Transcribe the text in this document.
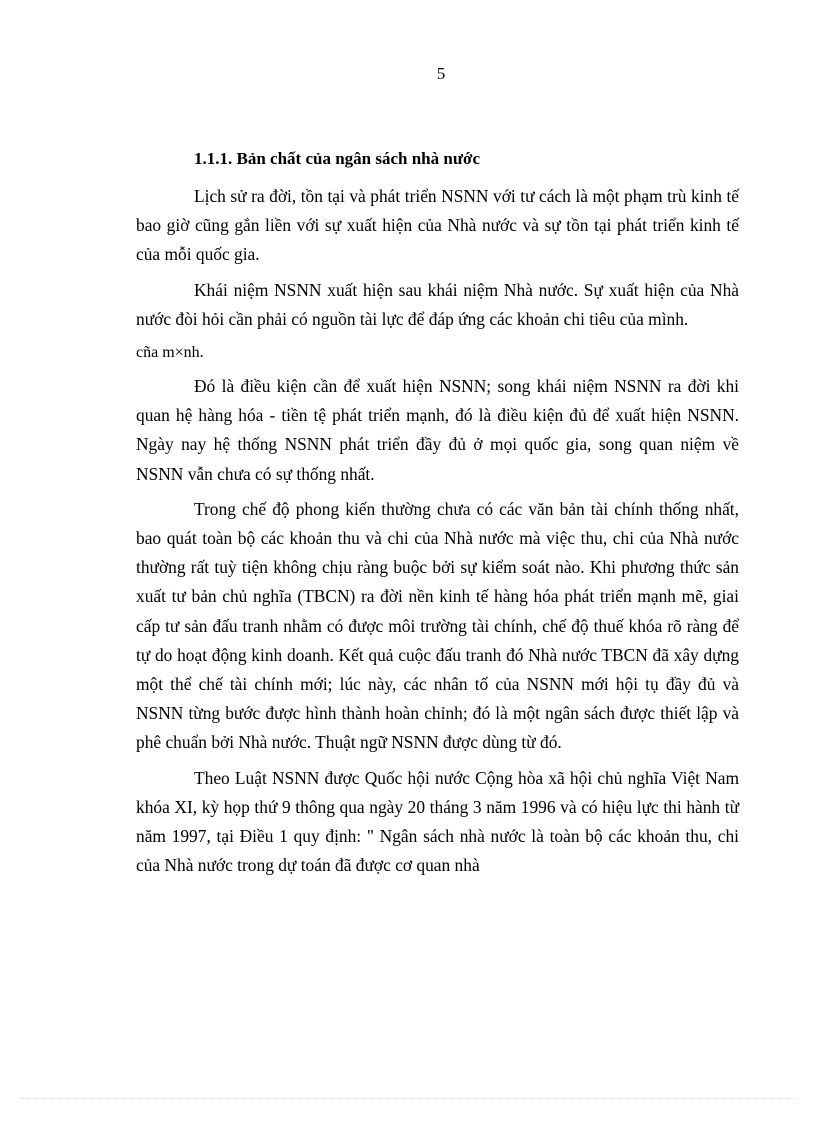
5
1.1.1. Bản chất của ngân sách nhà nước

Lịch sử ra đời, tồn tại và phát triển NSNN với tư cách là một phạm trù kinh tế bao giờ cũng gắn liền với sự xuất hiện của Nhà nước và sự tồn tại phát triển kinh tế của mỗi quốc gia.

Khái niệm NSNN xuất hiện sau khái niệm Nhà nước. Sự xuất hiện của Nhà nước đòi hỏi cần phải có nguồn tài lực để đáp ứng các khoản chi tiêu của mình.

cña m×nh.

Đó là điều kiện cần để xuất hiện NSNN; song khái niệm NSNN ra đời khi quan hệ hàng hóa - tiền tệ phát triển mạnh, đó là điều kiện đủ để xuất hiện NSNN. Ngày nay hệ thống NSNN phát triển đầy đủ ở mọi quốc gia, song quan niệm về NSNN vẫn chưa có sự thống nhất.

Trong chế độ phong kiến thường chưa có các văn bản tài chính thống nhất, bao quát toàn bộ các khoản thu và chi của Nhà nước mà việc thu, chi của Nhà nước thường rất tuỳ tiện không chịu ràng buộc bởi sự kiểm soát nào. Khi phương thức sản xuất tư bản chủ nghĩa (TBCN) ra đời nền kinh tế hàng hóa phát triển mạnh mẽ, giai cấp tư sản đấu tranh nhằm có được môi trường tài chính, chế độ thuế khóa rõ ràng để tự do hoạt động kinh doanh. Kết quả cuộc đấu tranh đó Nhà nước TBCN đã xây dựng một thể chế tài chính mới; lúc này, các nhân tố của NSNN mới hội tụ đầy đủ và NSNN từng bước được hình thành hoàn chỉnh; đó là một ngân sách được thiết lập và phê chuẩn bởi Nhà nước. Thuật ngữ NSNN được dùng từ đó.

Theo Luật NSNN được Quốc hội nước Cộng hòa xã hội chủ nghĩa Việt Nam khóa XI, kỳ họp thứ 9 thông qua ngày 20 tháng 3 năm 1996 và có hiệu lực thi hành từ năm 1997, tại Điều 1 quy định: " Ngân sách nhà nước là toàn bộ các khoản thu, chi của Nhà nước trong dự toán đã được cơ quan nhà
